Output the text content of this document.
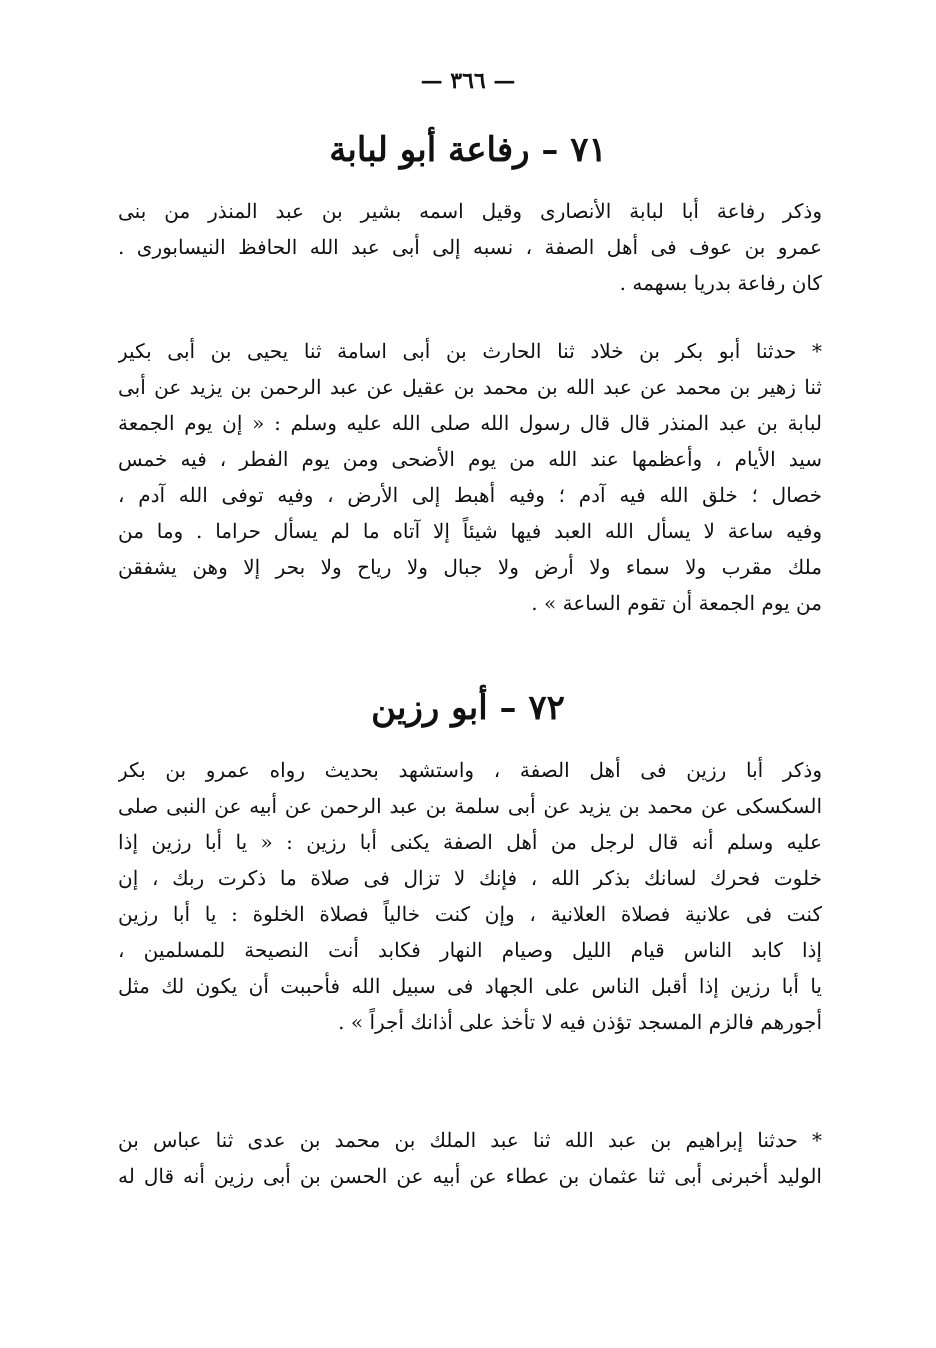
— ٣٦٦ —
٧١ – رفاعة أبو لبابة
وذكر رفاعة أبا لبابة الأنصارى وقيل اسمه بشير بن عبد المنذر من بنى
عمرو بن عوف فى أهل الصفة ، نسبه إلى أبى عبد الله الحافظ النيسابورى .
كان رفاعة بدريا بسهمه .
* حدثنا أبو بكر بن خلاد ثنا الحارث بن أبى اسامة ثنا يحيى بن أبى بكير
ثنا زهير بن محمد عن عبد الله بن محمد بن عقيل عن عبد الرحمن بن يزيد عن أبى
لبابة بن عبد المنذر قال قال رسول الله صلى الله عليه وسلم : « إن يوم الجمعة
سيد الأيام ، وأعظمها عند الله من يوم الأضحى ومن يوم الفطر ، فيه خمس
خصال ؛ خلق الله فيه آدم ؛ وفيه أهبط إلى الأرض ، وفيه توفى الله آدم ،
وفيه ساعة لا يسأل الله العبد فيها شيئاً إلا آتاه ما لم يسأل حراما . وما من
ملك مقرب ولا سماء ولا أرض ولا جبال ولا رياح ولا بحر إلا وهن يشفقن
من يوم الجمعة أن تقوم الساعة » .
٧٢ – أبو رزين
وذكر أبا رزين فى أهل الصفة ، واستشهد بحديث رواه عمرو بن بكر
السكسكى عن محمد بن يزيد عن أبى سلمة بن عبد الرحمن عن أبيه عن النبى صلى
عليه وسلم أنه قال لرجل من أهل الصفة يكنى أبا رزين : « يا أبا رزين إذا
خلوت فحرك لسانك بذكر الله ، فإنك لا تزال فى صلاة ما ذكرت ربك ، إن
كنت فى علانية فصلاة العلانية ، وإن كنت خالياً فصلاة الخلوة : يا أبا رزين
إذا كابد الناس قيام الليل وصيام النهار فكابد أنت النصيحة للمسلمين ،
يا أبا رزين إذا أقبل الناس على الجهاد فى سبيل الله فأحببت أن يكون لك مثل
أجورهم فالزم المسجد تؤذن فيه لا تأخذ على أذانك أجراً » .
* حدثنا إبراهيم بن عبد الله ثنا عبد الملك بن محمد بن عدى ثنا عباس بن
الوليد أخبرنى أبى ثنا عثمان بن عطاء عن أبيه عن الحسن بن أبى رزين أنه قال له
